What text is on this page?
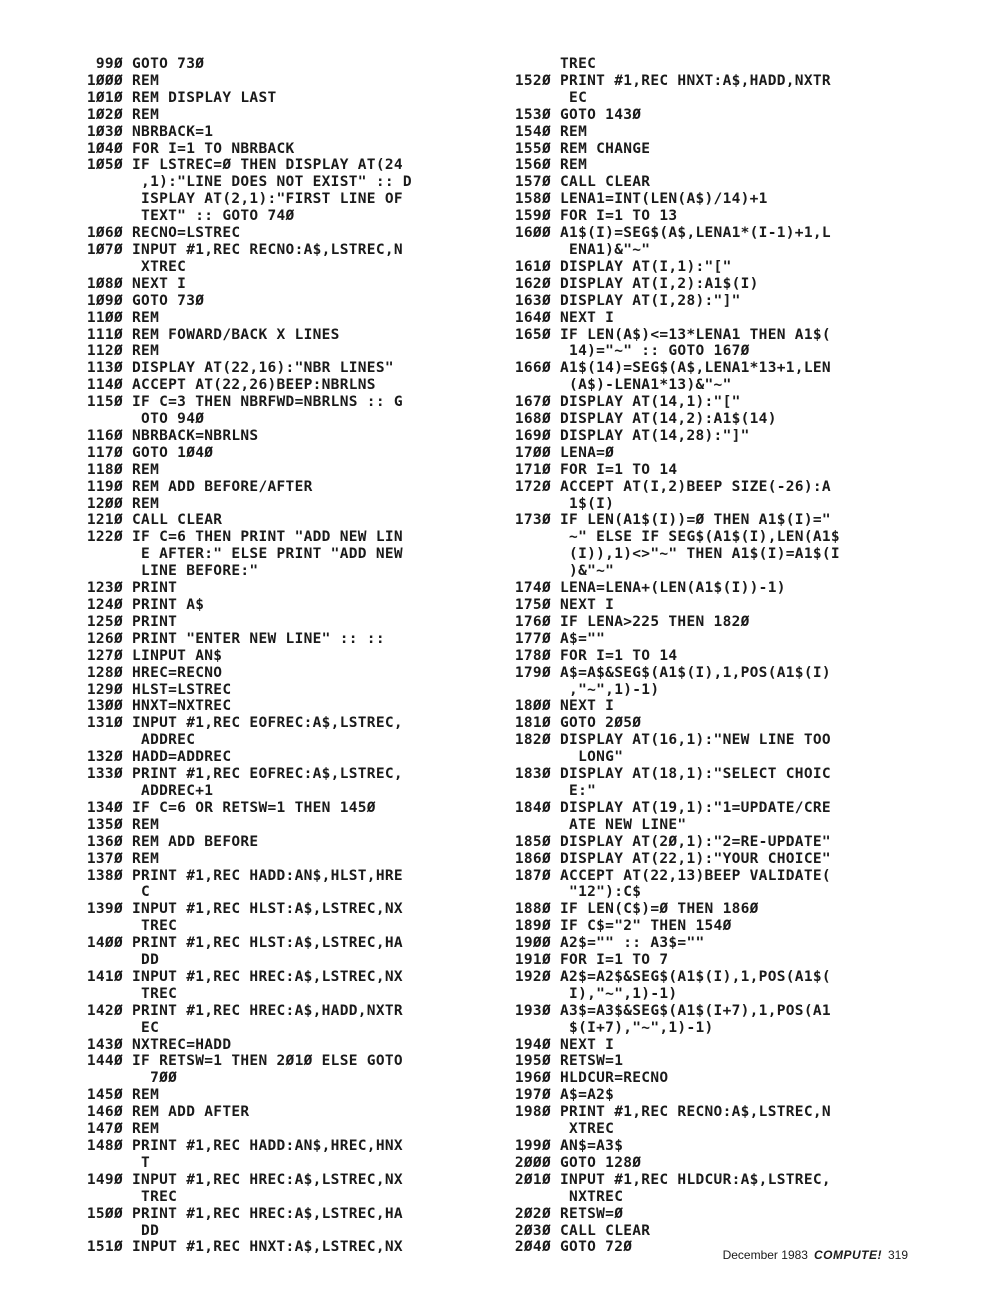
99Ø GOTO 73Ø
1ØØØ REM
1Ø1Ø REM DISPLAY LAST
1Ø2Ø REM
1Ø3Ø NBRBACK=1
1Ø4Ø FOR I=1 TO NBRBACK
1Ø5Ø IF LSTREC=Ø THEN DISPLAY AT(24
,1):"LINE DOES NOT EXIST" :: D
ISPLAY AT(2,1):"FIRST LINE OF
TEXT" :: GOTO 74Ø
1Ø6Ø RECNO=LSTREC
1Ø7Ø INPUT #1,REC RECNO:A$,LSTREC,N
XTREC
1Ø8Ø NEXT I
1Ø9Ø GOTO 73Ø
11ØØ REM
111Ø REM FOWARD/BACK X LINES
112Ø REM
113Ø DISPLAY AT(22,16):"NBR LINES"
114Ø ACCEPT AT(22,26)BEEP:NBRLNS
115Ø IF C=3 THEN NBRFWD=NBRLNS :: G
OTO 94Ø
116Ø NBRBACK=NBRLNS
117Ø GOTO 1Ø4Ø
118Ø REM
119Ø REM ADD BEFORE/AFTER
12ØØ REM
121Ø CALL CLEAR
122Ø IF C=6 THEN PRINT "ADD NEW LIN
E AFTER:" ELSE PRINT "ADD NEW
LINE BEFORE:"
123Ø PRINT
124Ø PRINT A$
125Ø PRINT
126Ø PRINT "ENTER NEW LINE" :: ::
127Ø LINPUT AN$
128Ø HREC=RECNO
129Ø HLST=LSTREC
13ØØ HNXT=NXTREC
131Ø INPUT #1,REC EOFREC:A$,LSTREC,
ADDREC
132Ø HADD=ADDREC
133Ø PRINT #1,REC EOFREC:A$,LSTREC,
ADDREC+1
134Ø IF C=6 OR RETSW=1 THEN 145Ø
135Ø REM
136Ø REM ADD BEFORE
137Ø REM
138Ø PRINT #1,REC HADD:AN$,HLST,HRE
C
139Ø INPUT #1,REC HLST:A$,LSTREC,NX
TREC
14ØØ PRINT #1,REC HLST:A$,LSTREC,HA
DD
141Ø INPUT #1,REC HREC:A$,LSTREC,NX
TREC
142Ø PRINT #1,REC HREC:A$,HADD,NXTR
EC
143Ø NXTREC=HADD
144Ø IF RETSW=1 THEN 2Ø1Ø ELSE GOTO
7ØØ
145Ø REM
146Ø REM ADD AFTER
147Ø REM
148Ø PRINT #1,REC HADD:AN$,HREC,HNX
T
149Ø INPUT #1,REC HREC:A$,LSTREC,NX
TREC
15ØØ PRINT #1,REC HREC:A$,LSTREC,HA
DD
151Ø INPUT #1,REC HNXT:A$,LSTREC,NX
TREC
152Ø PRINT #1,REC HNXT:A$,HADD,NXTR
EC
153Ø GOTO 143Ø
154Ø REM
155Ø REM CHANGE
156Ø REM
157Ø CALL CLEAR
158Ø LENA1=INT(LEN(A$)/14)+1
159Ø FOR I=1 TO 13
16ØØ A1$(I)=SEG$(A$,LENA1*(I-1)+1,L
ENA1)&"~"
161Ø DISPLAY AT(I,1):"["
162Ø DISPLAY AT(I,2):A1$(I)
163Ø DISPLAY AT(I,28):"]"
164Ø NEXT I
165Ø IF LEN(A$)<=13*LENA1 THEN A1$(
14)="~" :: GOTO 167Ø
166Ø A1$(14)=SEG$(A$,LENA1*13+1,LEN
(A$)-LENA1*13)&"~"
167Ø DISPLAY AT(14,1):"["
168Ø DISPLAY AT(14,2):A1$(14)
169Ø DISPLAY AT(14,28):"]"
17ØØ LENA=Ø
171Ø FOR I=1 TO 14
172Ø ACCEPT AT(I,2)BEEP SIZE(-26):A
1$(I)
173Ø IF LEN(A1$(I))=Ø THEN A1$(I)="
~" ELSE IF SEG$(A1$(I),LEN(A1$
(I)),1)<>"~" THEN A1$(I)=A1$(I
)&"~"
174Ø LENA=LENA+(LEN(A1$(I))-1)
175Ø NEXT I
176Ø IF LENA>225 THEN 182Ø
177Ø A$=""
178Ø FOR I=1 TO 14
179Ø A$=A$&SEG$(A1$(I),1,POS(A1$(I)
,"~",1)-1)
18ØØ NEXT I
181Ø GOTO 2Ø5Ø
182Ø DISPLAY AT(16,1):"NEW LINE TOO
LONG"
183Ø DISPLAY AT(18,1):"SELECT CHOIC
E:"
184Ø DISPLAY AT(19,1):"1=UPDATE/CRE
ATE NEW LINE"
185Ø DISPLAY AT(2Ø,1):"2=RE-UPDATE"
186Ø DISPLAY AT(22,1):"YOUR CHOICE"
187Ø ACCEPT AT(22,13)BEEP VALIDATE(
"12"):C$
188Ø IF LEN(C$)=Ø THEN 186Ø
189Ø IF C$="2" THEN 154Ø
19ØØ A2$="" :: A3$=""
191Ø FOR I=1 TO 7
192Ø A2$=A2$&SEG$(A1$(I),1,POS(A1$(
I),"~",1)-1)
193Ø A3$=A3$&SEG$(A1$(I+7),1,POS(A1
$(I+7),"~",1)-1)
194Ø NEXT I
195Ø RETSW=1
196Ø HLDCUR=RECNO
197Ø A$=A2$
198Ø PRINT #1,REC RECNO:A$,LSTREC,N
XTREC
199Ø AN$=A3$
2ØØØ GOTO 128Ø
2Ø1Ø INPUT #1,REC HLDCUR:A$,LSTREC,
NXTREC
2Ø2Ø RETSW=Ø
2Ø3Ø CALL CLEAR
2Ø4Ø GOTO 72Ø	December 1983 COMPUTE! 319
